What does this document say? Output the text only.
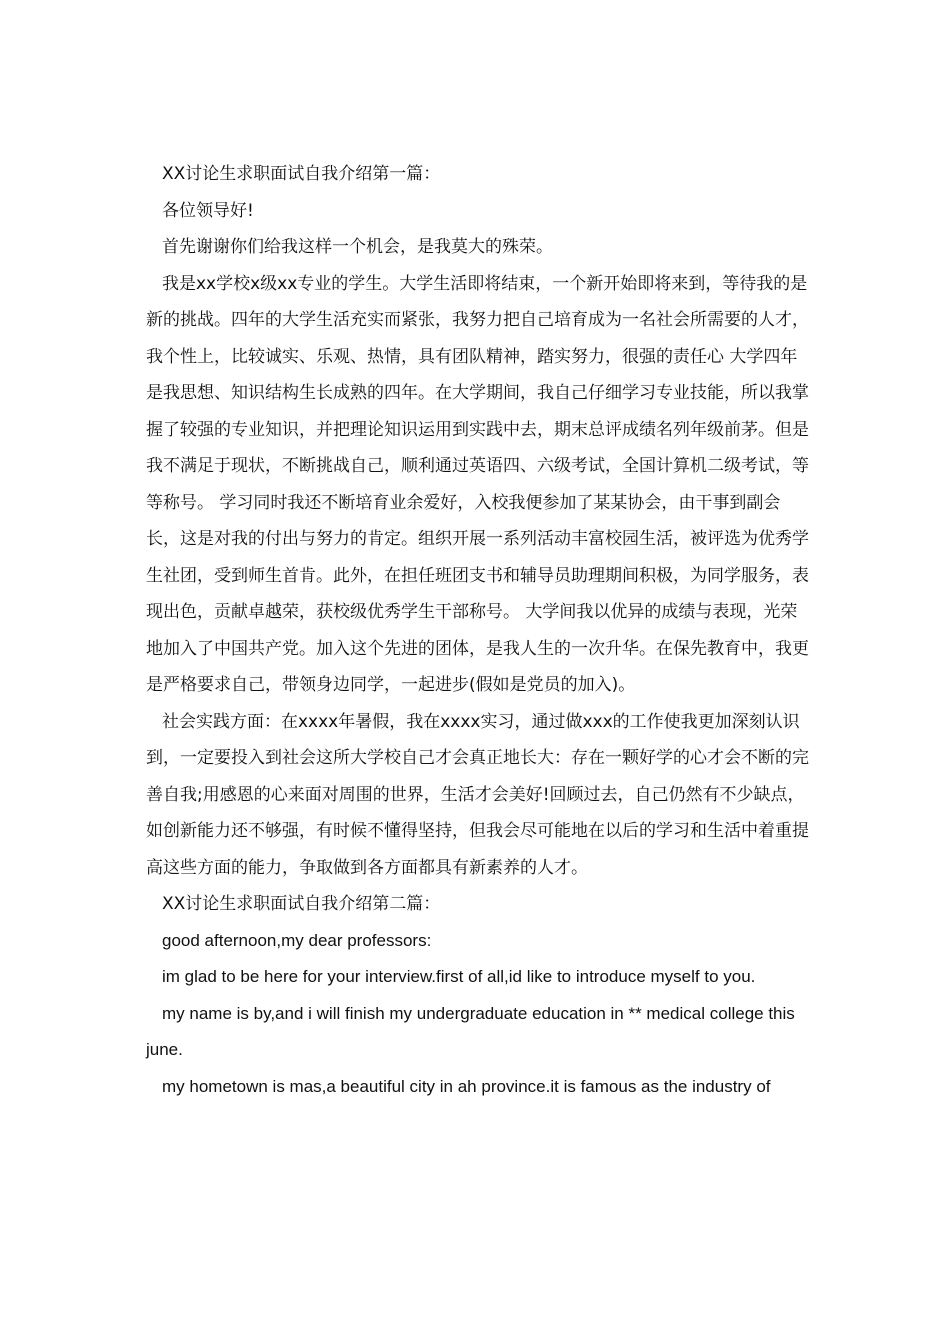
XX讨论生求职面试自我介绍第一篇：

各位领导好!

首先谢谢你们给我这样一个机会，是我莫大的殊荣。

我是xx学校x级xx专业的学生。大学生活即将结束，一个新开始即将来到，等待我的是新的挑战。四年的大学生活充实而紧张，我努力把自己培育成为一名社会所需要的人才，我个性上，比较诚实、乐观、热情，具有团队精神，踏实努力，很强的责任心 大学四年是我思想、知识结构生长成熟的四年。在大学期间，我自己仔细学习专业技能，所以我掌握了较强的专业知识，并把理论知识运用到实践中去，期末总评成绩名列年级前茅。但是我不满足于现状，不断挑战自己，顺利通过英语四、六级考试，全国计算机二级考试，等等称号。 学习同时我还不断培育业余爱好，入校我便参加了某某协会，由干事到副会长，这是对我的付出与努力的肯定。组织开展一系列活动丰富校园生活，被评选为优秀学生社团，受到师生首肯。此外，在担任班团支书和辅导员助理期间积极，为同学服务，表现出色，贡献卓越荣，获校级优秀学生干部称号。 大学间我以优异的成绩与表现，光荣地加入了中国共产党。加入这个先进的团体，是我人生的一次升华。在保先教育中，我更是严格要求自己，带领身边同学，一起进步(假如是党员的加入)。

社会实践方面：在xxxx年暑假，我在xxxx实习，通过做xxx的工作使我更加深刻认识到，一定要投入到社会这所大学校自己才会真正地长大：存在一颗好学的心才会不断的完善自我;用感恩的心来面对周围的世界，生活才会美好!回顾过去，自己仍然有不少缺点，如创新能力还不够强，有时候不懂得坚持，但我会尽可能地在以后的学习和生活中着重提高这些方面的能力，争取做到各方面都具有新素养的人才。

XX讨论生求职面试自我介绍第二篇：

good afternoon,my dear professors:

im glad to be here for your interview.first of all,id like to introduce myself to you.

my name is by,and i will finish my undergraduate education in ** medical college this june.

my hometown is mas,a beautiful city in ah province.it is famous as the industry of
